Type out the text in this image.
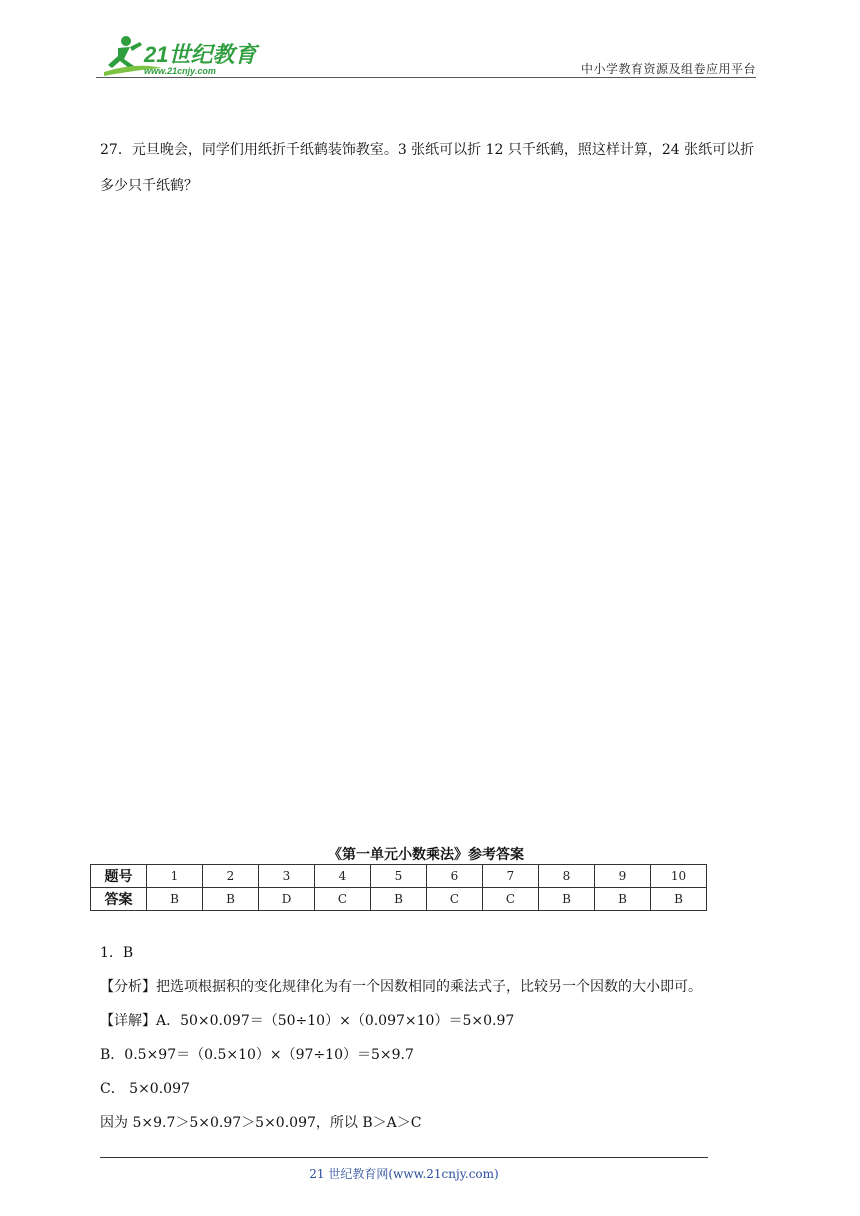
21世纪教育
www.21cnjy.com	中小学教育资源及组卷应用平台
27．元旦晚会，同学们用纸折千纸鹤装饰教室。3 张纸可以折 12 只千纸鹤，照这样计算，24 张纸可以折多少只千纸鹤？
《第一单元小数乘法》参考答案
题号	1	2	3	4	5	6	7	8	9	10
答案	B	B	D	C	B	C	C	B	B	B
1．B
【分析】把选项根据积的变化规律化为有一个因数相同的乘法式子，比较另一个因数的大小即可。
【详解】A．50×0.097＝（50÷10）×（0.097×10）＝5×0.97
B．0.5×97＝（0.5×10）×（97÷10）＝5×9.7
C． 5×0.097
因为 5×9.7＞5×0.97＞5×0.097，所以 B＞A＞C
21 世纪教育网(www.21cnjy.com)
